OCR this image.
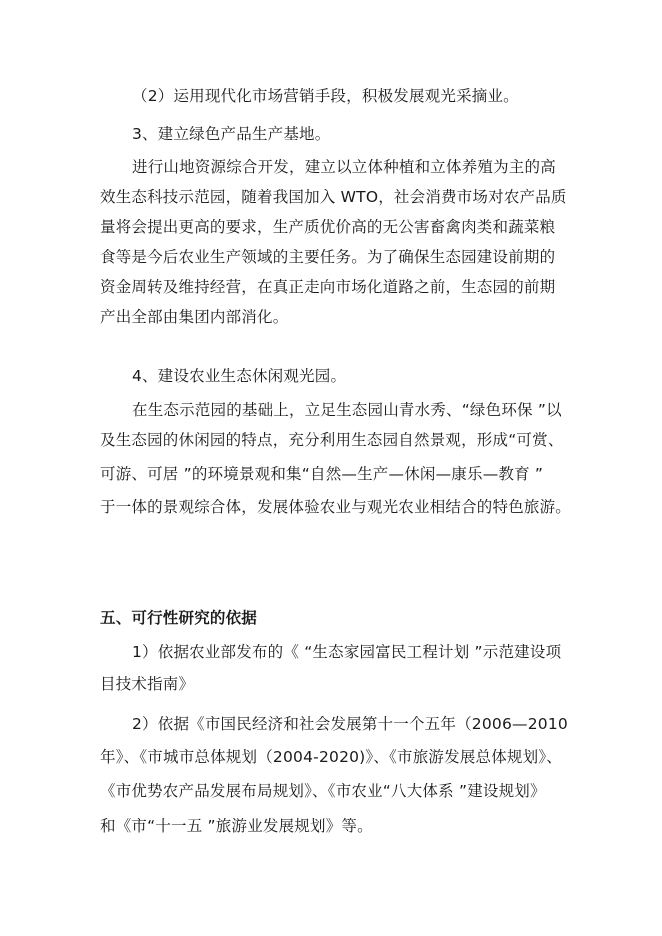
（2）运用现代化市场营销手段，积极发展观光采摘业。
3、建立绿色产品生产基地。
进行山地资源综合开发，建立以立体种植和立体养殖为主的高
效生态科技示范园，随着我国加入 WTO，社会消费市场对农产品质
量将会提出更高的要求，生产质优价高的无公害畜禽肉类和蔬菜粮
食等是今后农业生产领域的主要任务。为了确保生态园建设前期的
资金周转及维持经营，在真正走向市场化道路之前，生态园的前期
产出全部由集团内部消化。
4、建设农业生态休闲观光园。
在生态示范园的基础上，立足生态园山青水秀、“绿色环保 ”以
及生态园的休闲园的特点，充分利用生态园自然景观，形成“可赏、
可游、可居 ”的环境景观和集“自然—生产—休闲—康乐—教育 ”
于一体的景观综合体，发展体验农业与观光农业相结合的特色旅游。
五、可行性研究的依据
1）依据农业部发布的《 “生态家园富民工程计划 ”示范建设项
目技术指南》
2）依据《市国民经济和社会发展第十一个五年（2006—2010
年》、《市城市总体规划（2004-2020)》、《市旅游发展总体规划》、
《市优势农产品发展布局规划》、《市农业“八大体系 ”建设规划》
和《市“十一五 ”旅游业发展规划》等。
